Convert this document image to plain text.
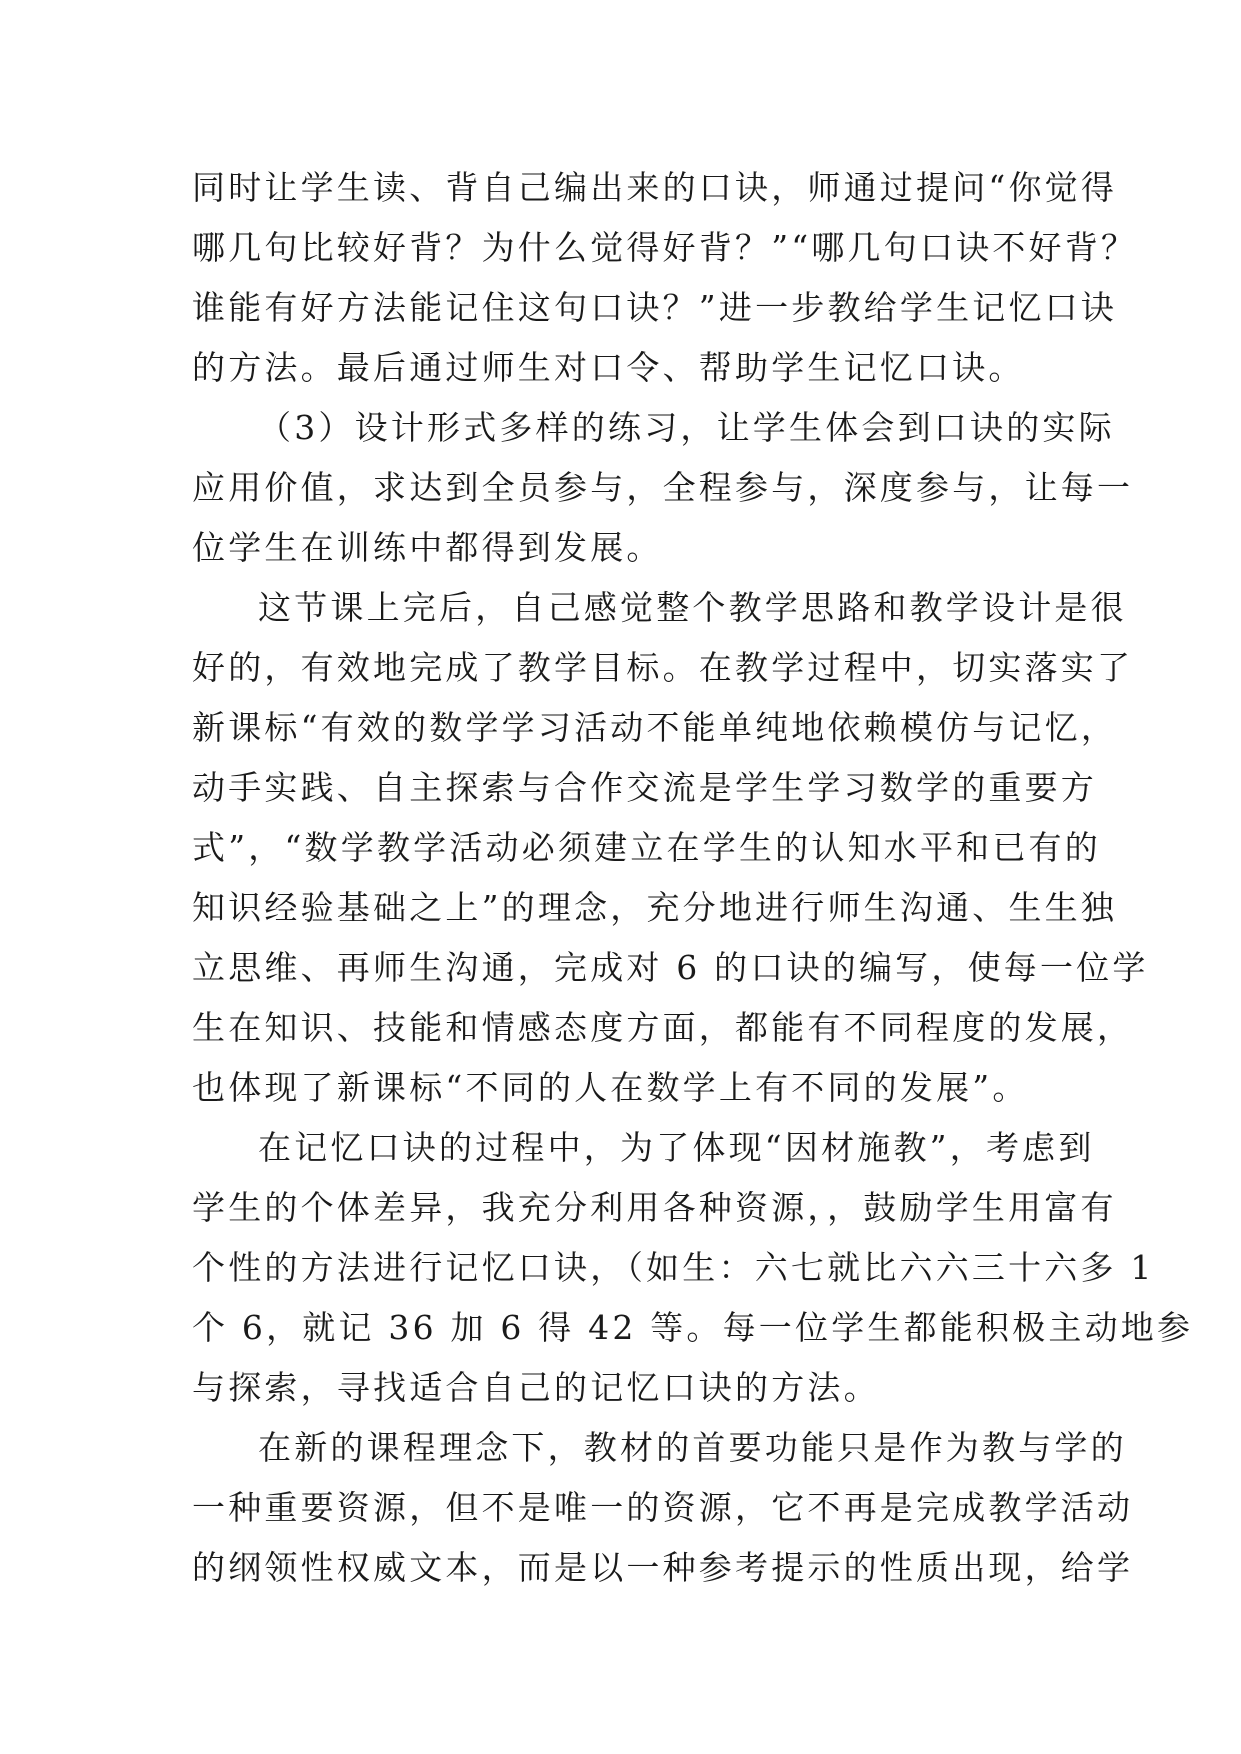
同时让学生读、背自己编出来的口诀，师通过提问“你觉得
哪几句比较好背？为什么觉得好背？”“哪几句口诀不好背？
谁能有好方法能记住这句口诀？”进一步教给学生记忆口诀
的方法。最后通过师生对口令、帮助学生记忆口诀。
（3）设计形式多样的练习，让学生体会到口诀的实际
应用价值，求达到全员参与，全程参与，深度参与，让每一
位学生在训练中都得到发展。
这节课上完后，自己感觉整个教学思路和教学设计是很
好的，有效地完成了教学目标。在教学过程中，切实落实了
新课标“有效的数学学习活动不能单纯地依赖模仿与记忆，
动手实践、自主探索与合作交流是学生学习数学的重要方
式”，“数学教学活动必须建立在学生的认知水平和已有的
知识经验基础之上”的理念，充分地进行师生沟通、生生独
立思维、再师生沟通，完成对 6 的口诀的编写，使每一位学
生在知识、技能和情感态度方面，都能有不同程度的发展，
也体现了新课标“不同的人在数学上有不同的发展”。
在记忆口诀的过程中，为了体现“因材施教”，考虑到
学生的个体差异，我充分利用各种资源，，鼓励学生用富有
个性的方法进行记忆口诀，（如生：六七就比六六三十六多 1
个 6，就记 36 加 6 得 42 等。每一位学生都能积极主动地参
与探索，寻找适合自己的记忆口诀的方法。
在新的课程理念下，教材的首要功能只是作为教与学的
一种重要资源，但不是唯一的资源，它不再是完成教学活动
的纲领性权威文本，而是以一种参考提示的性质出现，给学
